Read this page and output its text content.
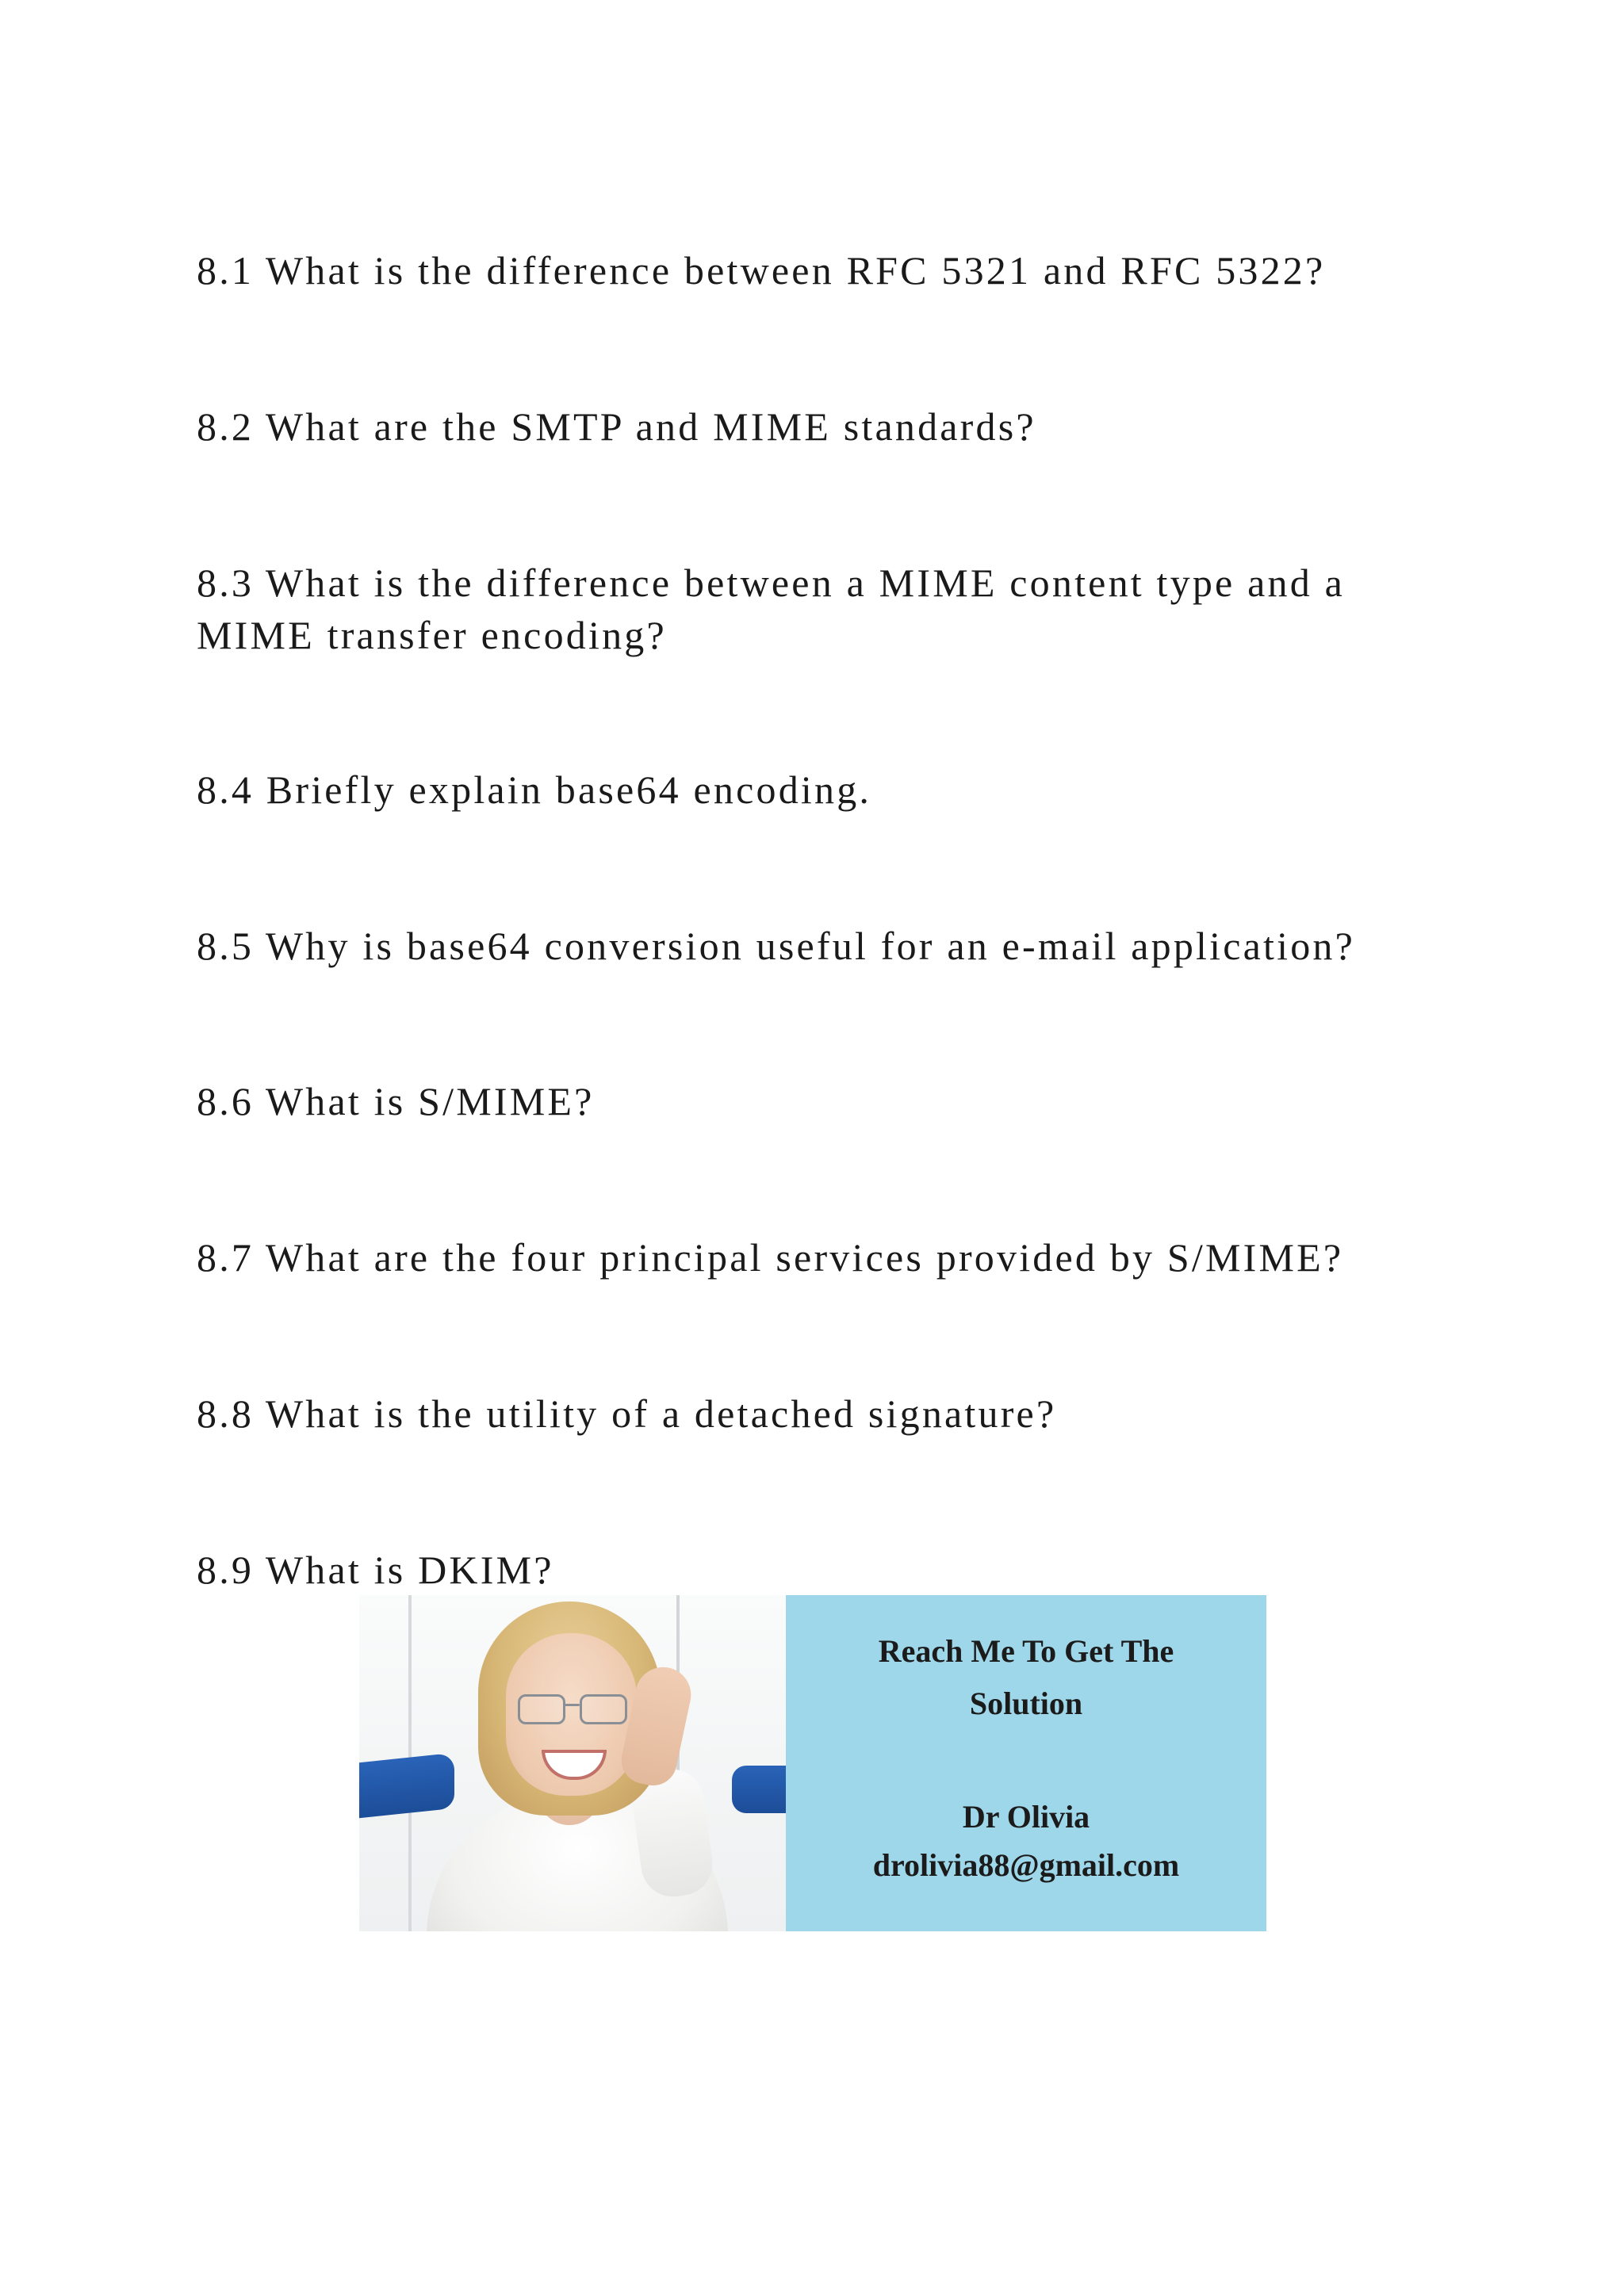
8.1 What is the difference between RFC 5321 and RFC 5322?

8.2 What are the SMTP and MIME standards?

8.3 What is the difference between a MIME content type and a MIME transfer encoding?

8.4 Briefly explain base64 encoding.

8.5 Why is base64 conversion useful for an e-mail application?

8.6 What is S/MIME?

8.7 What are the four principal services provided by S/MIME?

8.8 What is the utility of a detached signature?

8.9 What is DKIM?

Reach Me To Get The
Solution
Dr Olivia
drolivia88@gmail.com
